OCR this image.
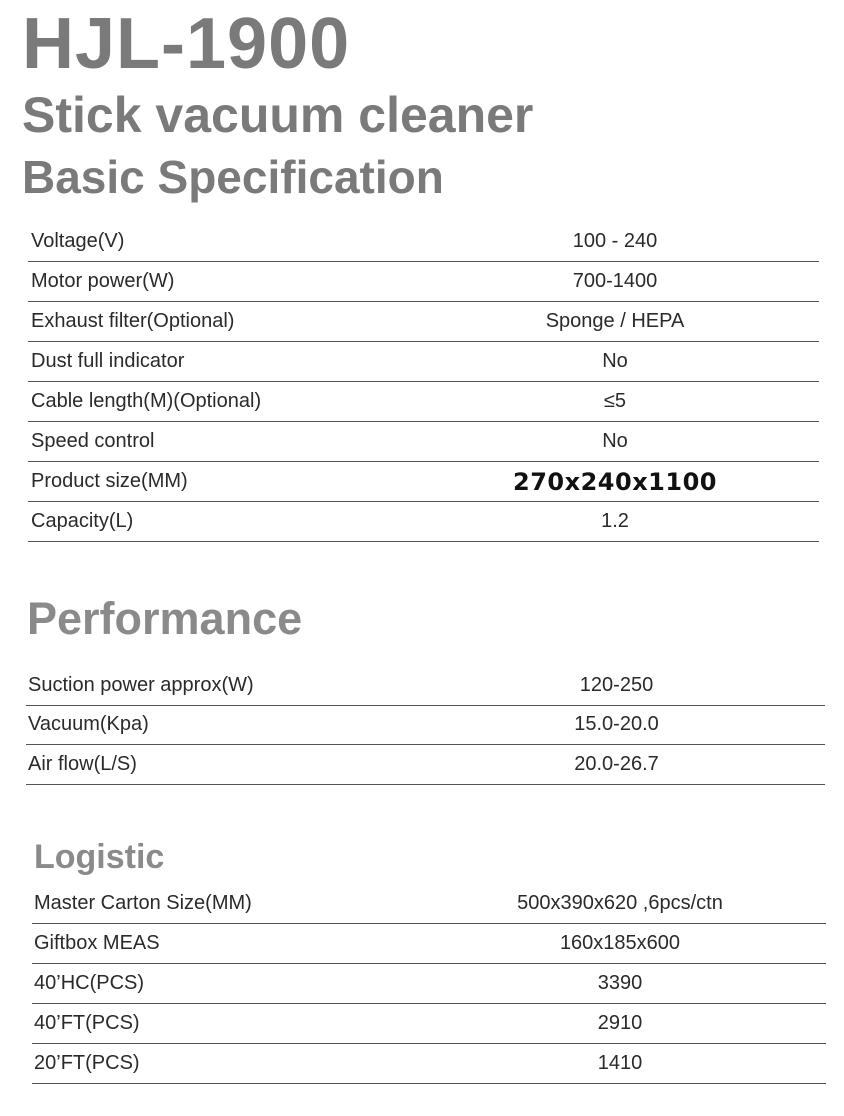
HJL-1900
Stick vacuum cleaner
Basic Specification
Voltage(V)	100 - 240
Motor power(W)	700-1400
Exhaust filter(Optional)	Sponge / HEPA
Dust full indicator	No
Cable length(M)(Optional)	≤5
Speed control	No
Product size(MM)	270x240x1100
Capacity(L)	1.2
Performance
Suction power approx(W)	120-250
Vacuum(Kpa)	15.0-20.0
Air flow(L/S)	20.0-26.7
Logistic
Master Carton Size(MM)	500x390x620 ,6pcs/ctn
Giftbox MEAS	160x185x600
40’HC(PCS)	3390
40’FT(PCS)	2910
20’FT(PCS)	1410
